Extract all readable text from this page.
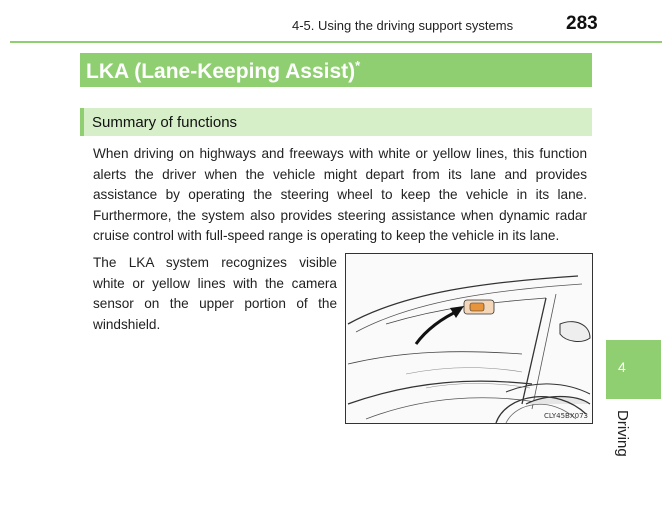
4-5. Using the driving support systems	283
LKA (Lane-Keeping Assist)*
Summary of functions

When driving on highways and freeways with white or yellow lines, this function alerts the driver when the vehicle might depart from its lane and provides assistance by operating the steering wheel to keep the vehicle in its lane. Furthermore, the system also provides steering assistance when dynamic radar cruise control with full-speed range is operating to keep the vehicle in its lane.

The LKA system recognizes visible white or yellow lines with the camera sensor on the upper portion of the windshield.

CLY45BX073
4
Driving
